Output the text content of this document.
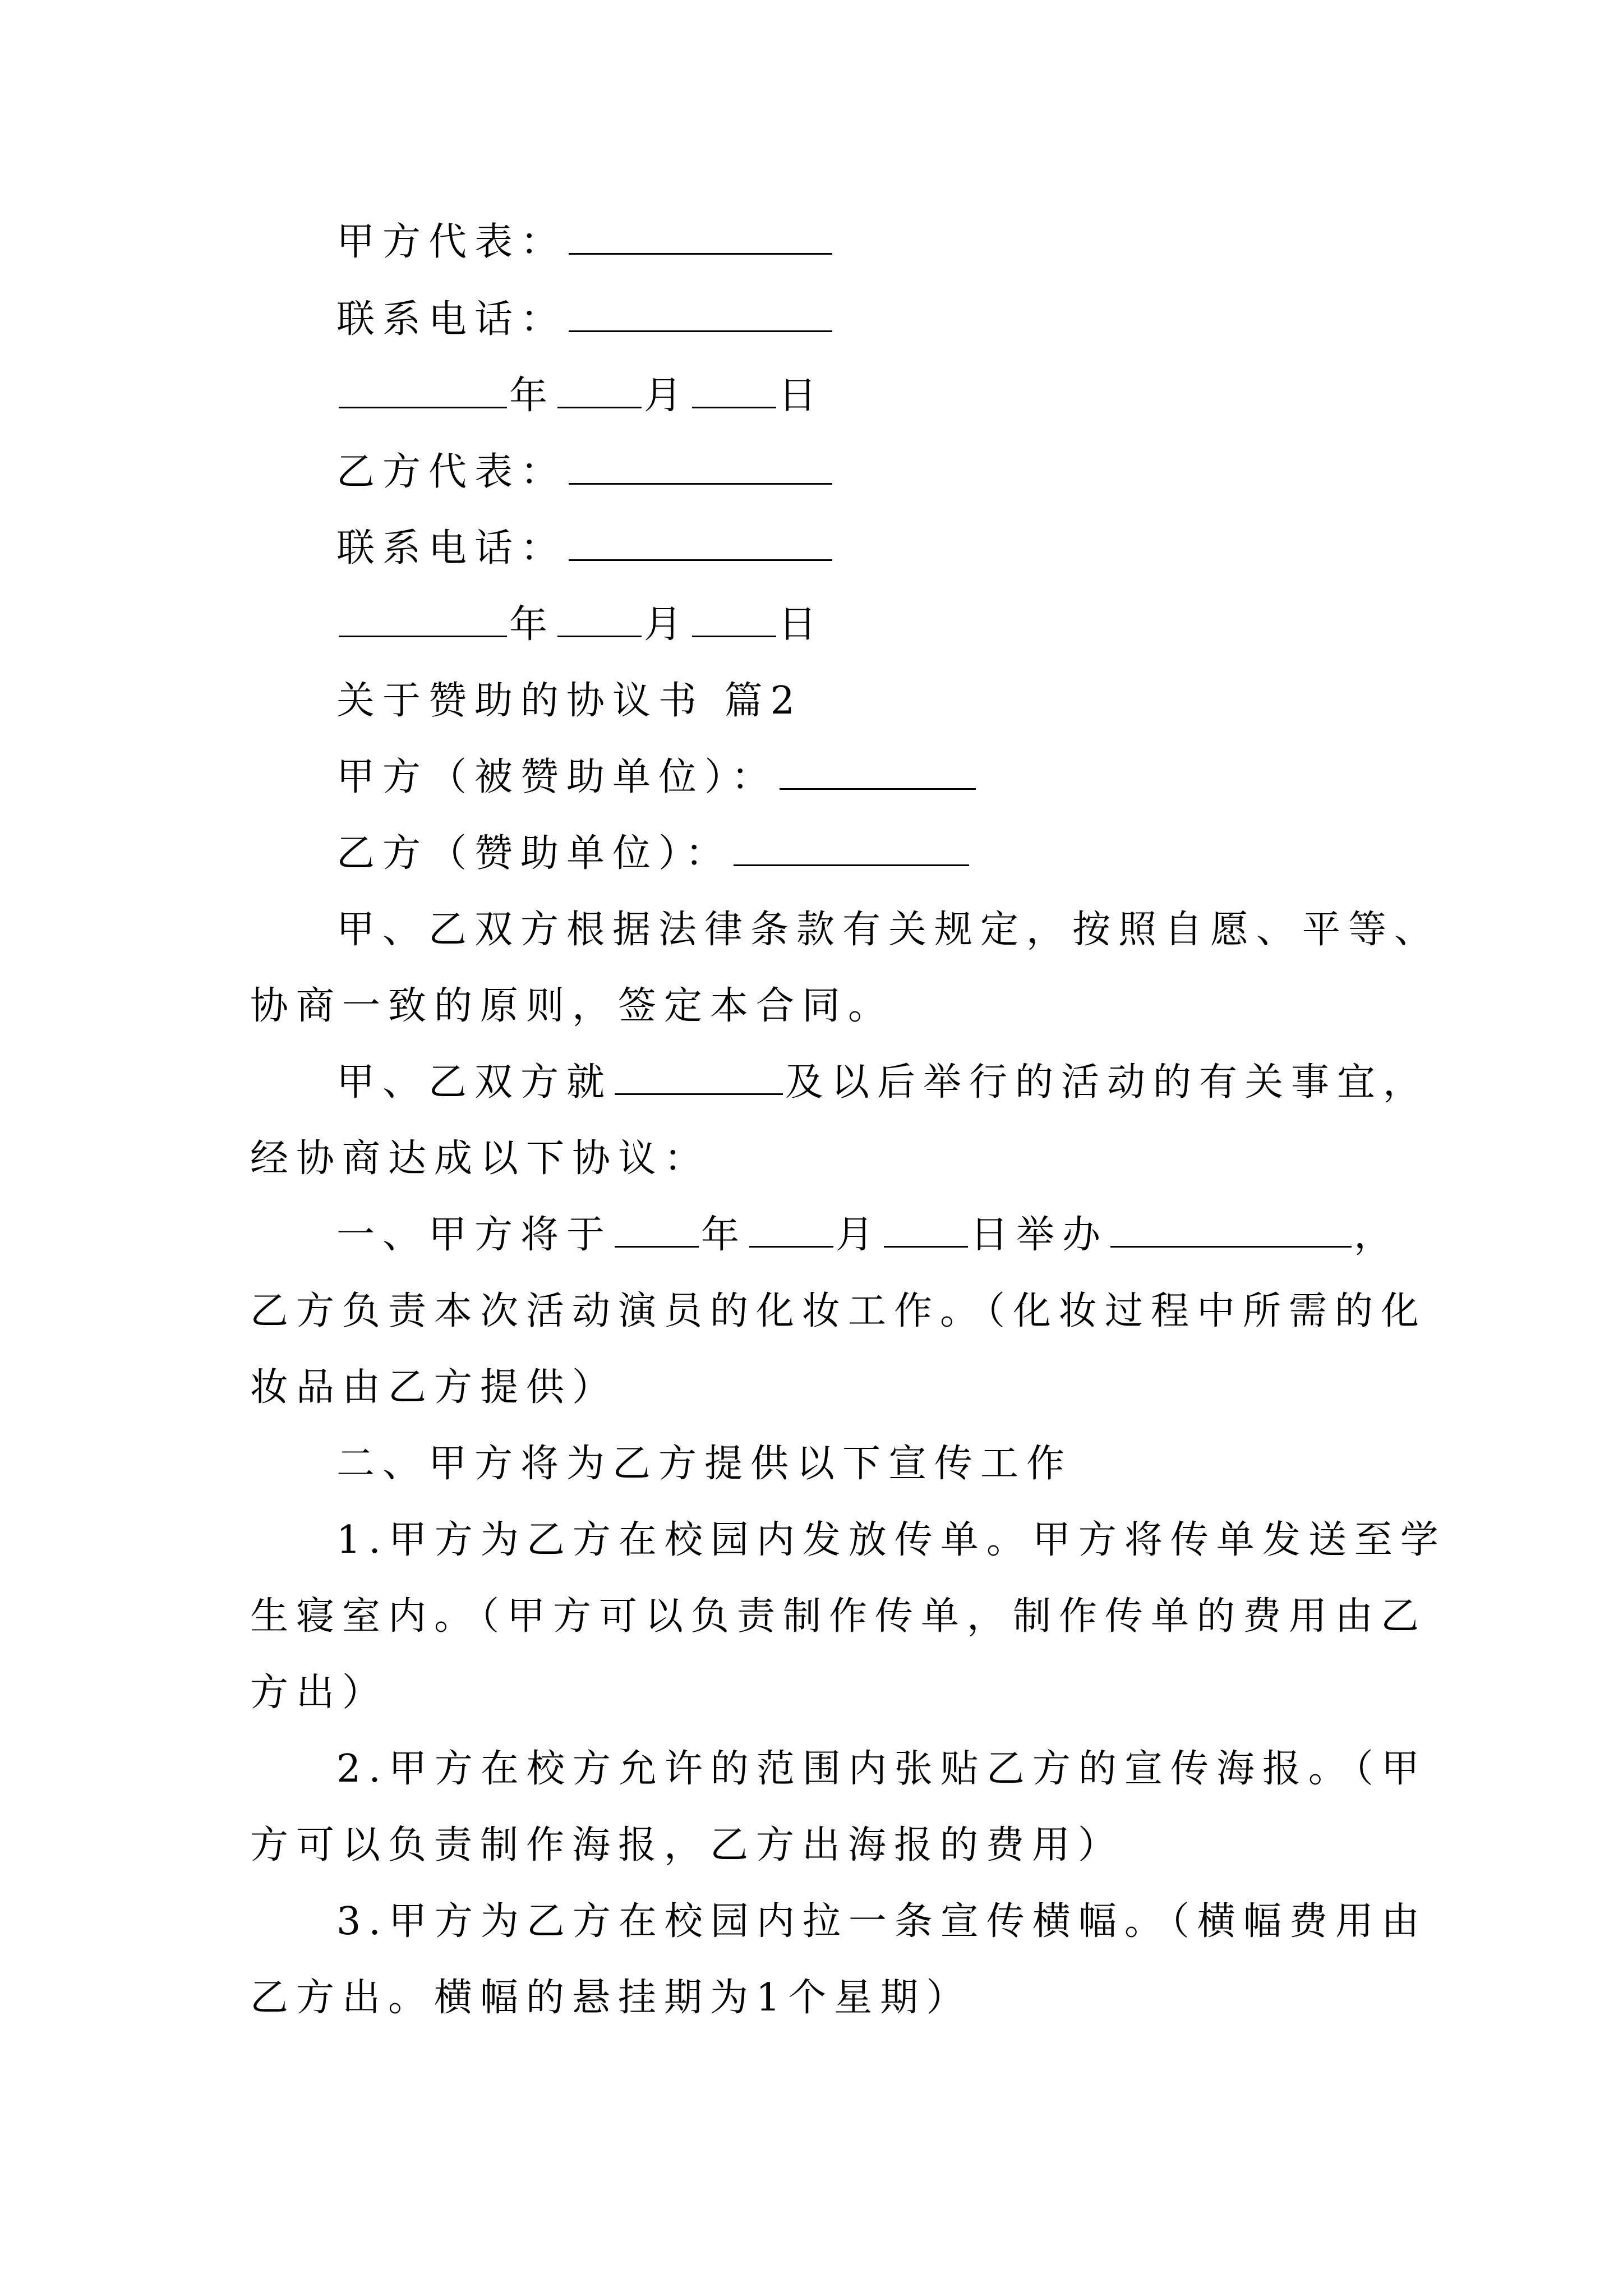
甲方代表：
联系电话：
年 月 日
乙方代表：
联系电话：
年 月 日
关于赞助的协议书 篇2
甲方（被赞助单位）：
乙方（赞助单位）：
甲、乙双方根据法律条款有关规定，按照自愿、平等、
协商一致的原则，签定本合同。
甲、乙双方就	及以后举行的活动的有关事宜，
经协商达成以下协议：
一、甲方将于 年 月 日举办	，
乙方负责本次活动演员的化妆工作。（化妆过程中所需的化
妆品由乙方提供）
二、甲方将为乙方提供以下宣传工作
1.甲方为乙方在校园内发放传单。甲方将传单发送至学
生寝室内。（甲方可以负责制作传单，制作传单的费用由乙
方出）
2.甲方在校方允许的范围内张贴乙方的宣传海报。（甲
方可以负责制作海报，乙方出海报的费用）
3.甲方为乙方在校园内拉一条宣传横幅。（横幅费用由
乙方出。横幅的悬挂期为1个星期）
